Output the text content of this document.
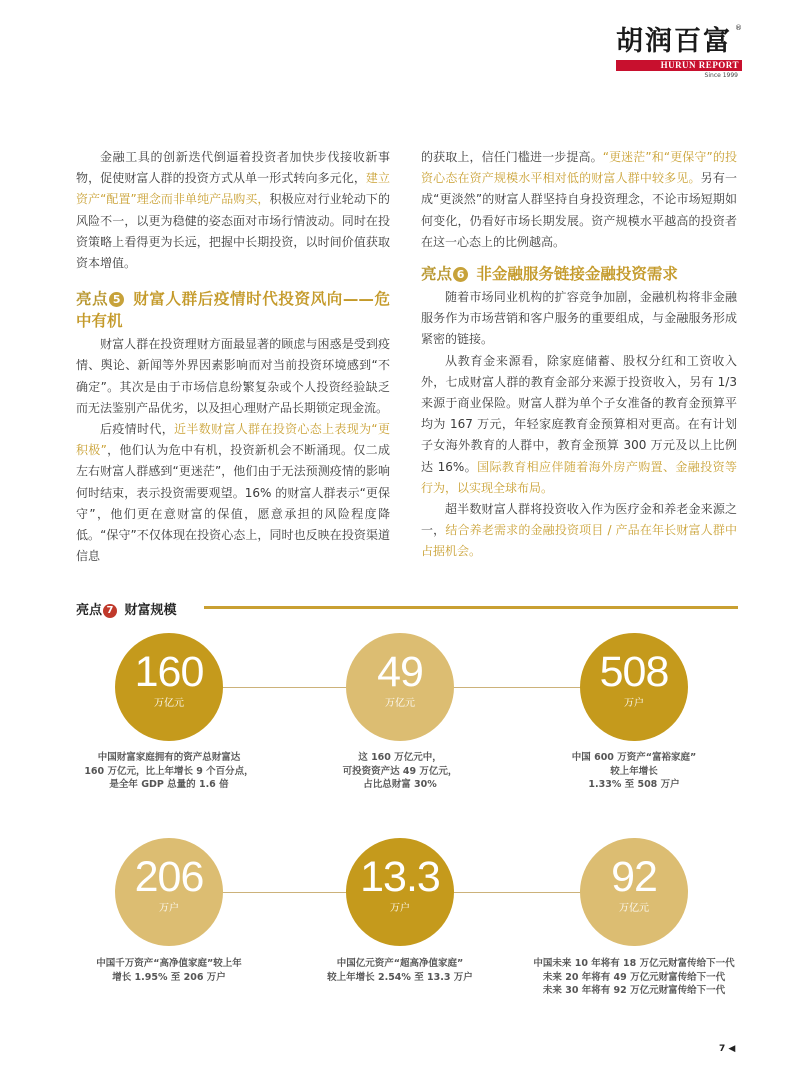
胡润百富 ®
HURUN REPORT
Since 1999

金融工具的创新迭代倒逼着投资者加快步伐接收新事物，促使财富人群的投资方式从单一形式转向多元化，建立资产“配置”理念而非单纯产品购买，积极应对行业轮动下的风险不一，以更为稳健的姿态面对市场行情波动。同时在投资策略上看得更为长远，把握中长期投资，以时间价值获取资本增值。

亮点 5 财富人群后疫情时代投资风向——危中有机

财富人群在投资理财方面最显著的顾虑与困惑是受到疫情、舆论、新闻等外界因素影响而对当前投资环境感到“不确定”。其次是由于市场信息纷繁复杂或个人投资经验缺乏而无法鉴别产品优劣，以及担心理财产品长期锁定现金流。

后疫情时代，近半数财富人群在投资心态上表现为“更积极”，他们认为危中有机，投资新机会不断涌现。仅二成左右财富人群感到“更迷茫”，他们由于无法预测疫情的影响何时结束，表示投资需要观望。16% 的财富人群表示“更保守”，他们更在意财富的保值，愿意承担的风险程度降低。“保守”不仅体现在投资心态上，同时也反映在投资渠道信息

的获取上，信任门槛进一步提高。“更迷茫”和“更保守”的投资心态在资产规模水平相对低的财富人群中较多见。另有一成“更淡然”的财富人群坚持自身投资理念，不论市场短期如何变化，仍看好市场长期发展。资产规模水平越高的投资者在这一心态上的比例越高。

亮点 6 非金融服务链接金融投资需求

随着市场同业机构的扩容竞争加剧，金融机构将非金融服务作为市场营销和客户服务的重要组成，与金融服务形成紧密的链接。

从教育金来源看，除家庭储蓄、股权分红和工资收入外，七成财富人群的教育金部分来源于投资收入，另有 1/3 来源于商业保险。财富人群为单个子女准备的教育金预算平均为 167 万元，年轻家庭教育金预算相对更高。在有计划子女海外教育的人群中，教育金预算 300 万元及以上比例达 16%。国际教育相应伴随着海外房产购置、金融投资等行为，以实现全球布局。

超半数财富人群将投资收入作为医疗金和养老金来源之一，结合养老需求的金融投资项目 / 产品在年长财富人群中占据机会。

亮点 7 财富规模
160
万亿元
49
万亿元
508
万户
中国财富家庭拥有的资产总财富达
160 万亿元，比上年增长 9 个百分点，
是全年 GDP 总量的 1.6 倍
这 160 万亿元中，
可投资资产达 49 万亿元，
占比总财富 30%
中国 600 万资产“富裕家庭”
较上年增长
1.33% 至 508 万户
206
万户
13.3
万户
92
万亿元
中国千万资产“高净值家庭”较上年
增长 1.95% 至 206 万户
中国亿元资产“超高净值家庭”
较上年增长 2.54% 至 13.3 万户
中国未来 10 年将有 18 万亿元财富传给下一代
未来 20 年将有 49 万亿元财富传给下一代
未来 30 年将有 92 万亿元财富传给下一代
7 ◀
